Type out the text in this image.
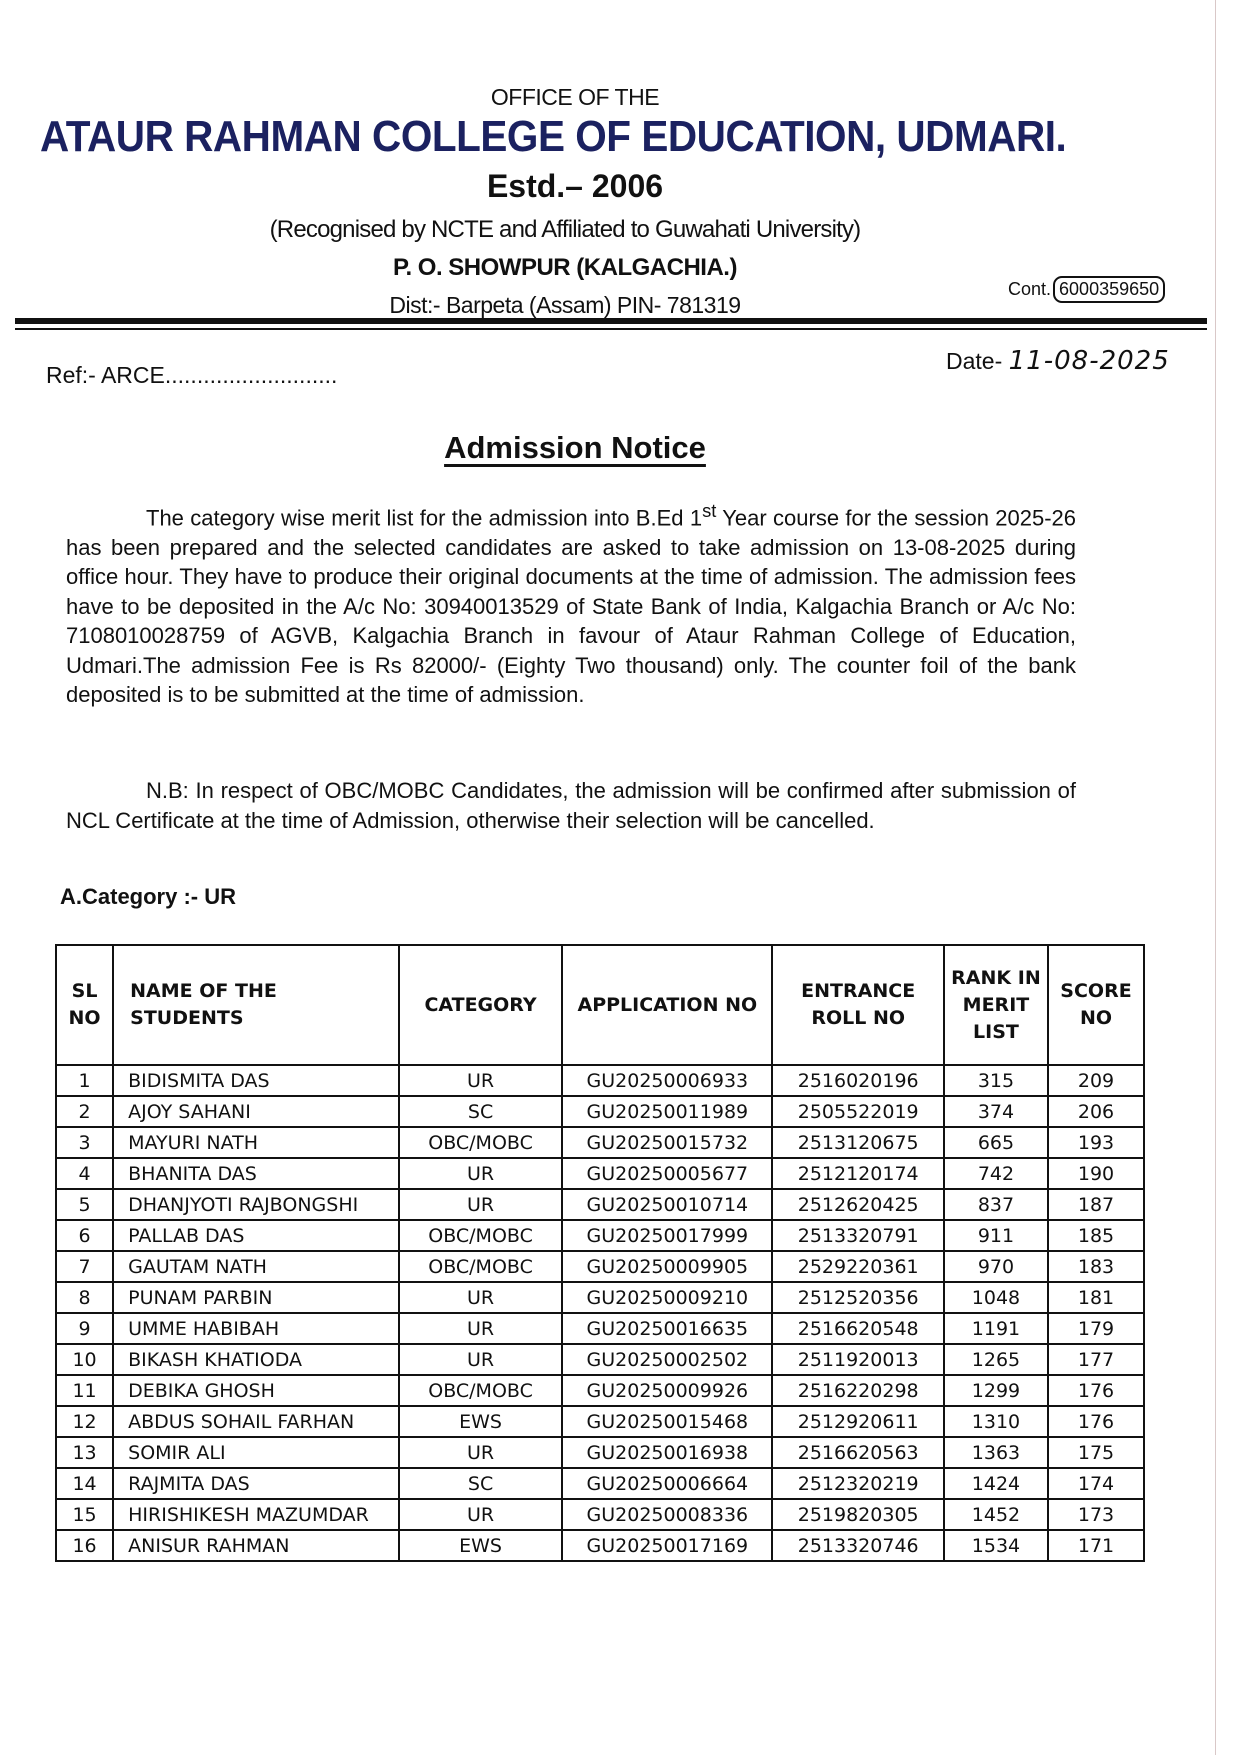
OFFICE OF THE
ATAUR RAHMAN COLLEGE OF EDUCATION, UDMARI.
Estd.– 2006
(Recognised by NCTE and Affiliated to Guwahati University)
P. O. SHOWPUR (KALGACHIA.)
Dist:- Barpeta (Assam) PIN- 781319
Cont. 6000359650
Ref:- ARCE...........................
Date- 11-08-2025
Admission Notice
The category wise merit list for the admission into B.Ed 1st Year course for the session 2025-26 has been prepared and the selected candidates are asked to take admission on 13-08-2025 during office hour. They have to produce their original documents at the time of admission. The admission fees have to be deposited in the A/c No: 30940013529 of State Bank of India, Kalgachia Branch or A/c No: 7108010028759 of AGVB, Kalgachia Branch in favour of Ataur Rahman College of Education, Udmari.The admission Fee is Rs 82000/- (Eighty Two thousand) only. The counter foil of the bank deposited is to be submitted at the time of admission.
N.B: In respect of OBC/MOBC Candidates, the admission will be confirmed after submission of NCL Certificate at the time of Admission, otherwise their selection will be cancelled.
A.Category :- UR
SL NO	NAME OF THE STUDENTS	CATEGORY	APPLICATION NO	ENTRANCE ROLL NO	RANK IN MERIT LIST	SCORE NO
1	BIDISMITA DAS	UR	GU20250006933	2516020196	315	209
2	AJOY SAHANI	SC	GU20250011989	2505522019	374	206
3	MAYURI NATH	OBC/MOBC	GU20250015732	2513120675	665	193
4	BHANITA DAS	UR	GU20250005677	2512120174	742	190
5	DHANJYOTI RAJBONGSHI	UR	GU20250010714	2512620425	837	187
6	PALLAB DAS	OBC/MOBC	GU20250017999	2513320791	911	185
7	GAUTAM NATH	OBC/MOBC	GU20250009905	2529220361	970	183
8	PUNAM PARBIN	UR	GU20250009210	2512520356	1048	181
9	UMME HABIBAH	UR	GU20250016635	2516620548	1191	179
10	BIKASH KHATIODA	UR	GU20250002502	2511920013	1265	177
11	DEBIKA GHOSH	OBC/MOBC	GU20250009926	2516220298	1299	176
12	ABDUS SOHAIL FARHAN	EWS	GU20250015468	2512920611	1310	176
13	SOMIR ALI	UR	GU20250016938	2516620563	1363	175
14	RAJMITA DAS	SC	GU20250006664	2512320219	1424	174
15	HIRISHIKESH MAZUMDAR	UR	GU20250008336	2519820305	1452	173
16	ANISUR RAHMAN	EWS	GU20250017169	2513320746	1534	171
